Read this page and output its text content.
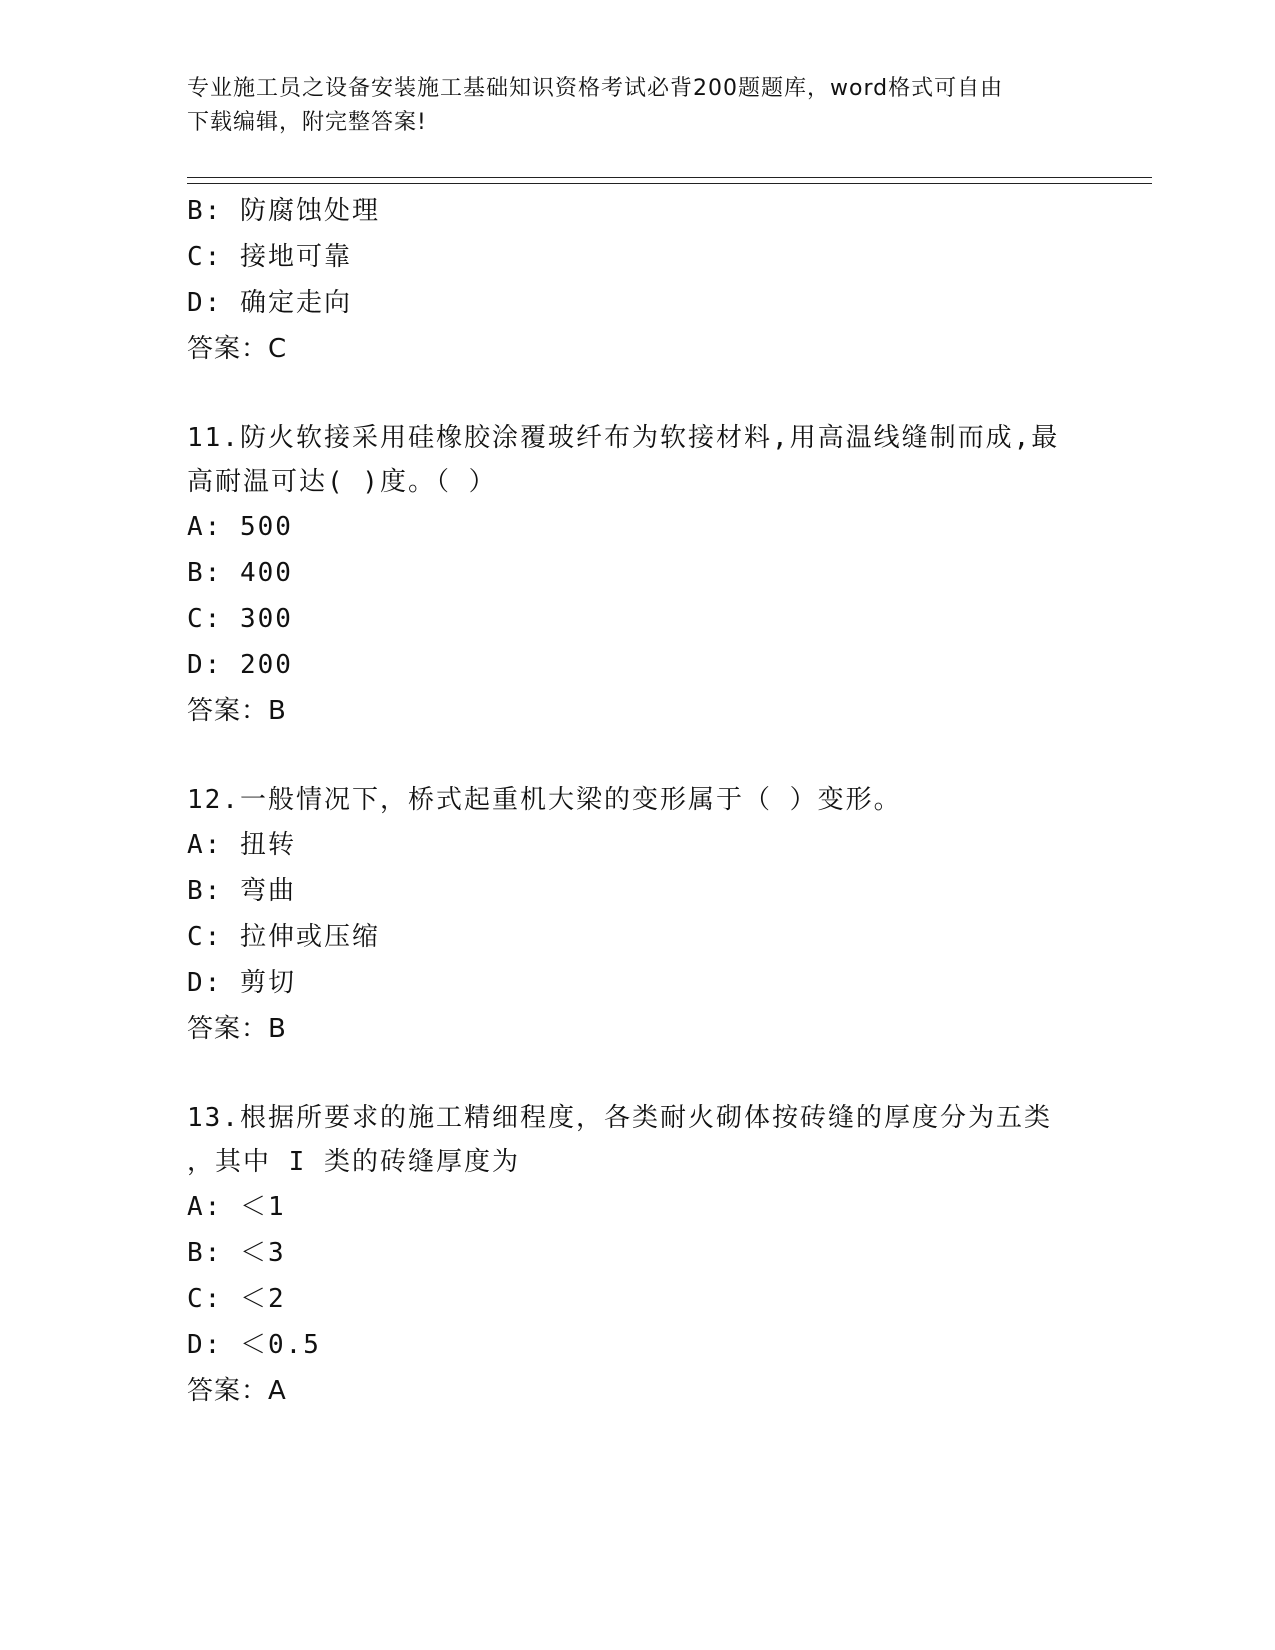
专业施工员之设备安装施工基础知识资格考试必背200题题库，word格式可自由
下载编辑，附完整答案!
B: 防腐蚀处理
C: 接地可靠
D: 确定走向
答案：C
11.防火软接采用硅橡胶涂覆玻纤布为软接材料,用高温线缝制而成,最
高耐温可达( )度。（ ）
A: 500
B: 400
C: 300
D: 200
答案：B
12.一般情况下，桥式起重机大梁的变形属于（ ）变形。
A: 扭转
B: 弯曲
C: 拉伸或压缩
D: 剪切
答案：B
13.根据所要求的施工精细程度，各类耐火砌体按砖缝的厚度分为五类
，其中 I 类的砖缝厚度为
A: ＜1
B: ＜3
C: ＜2
D: ＜0.5
答案：A
